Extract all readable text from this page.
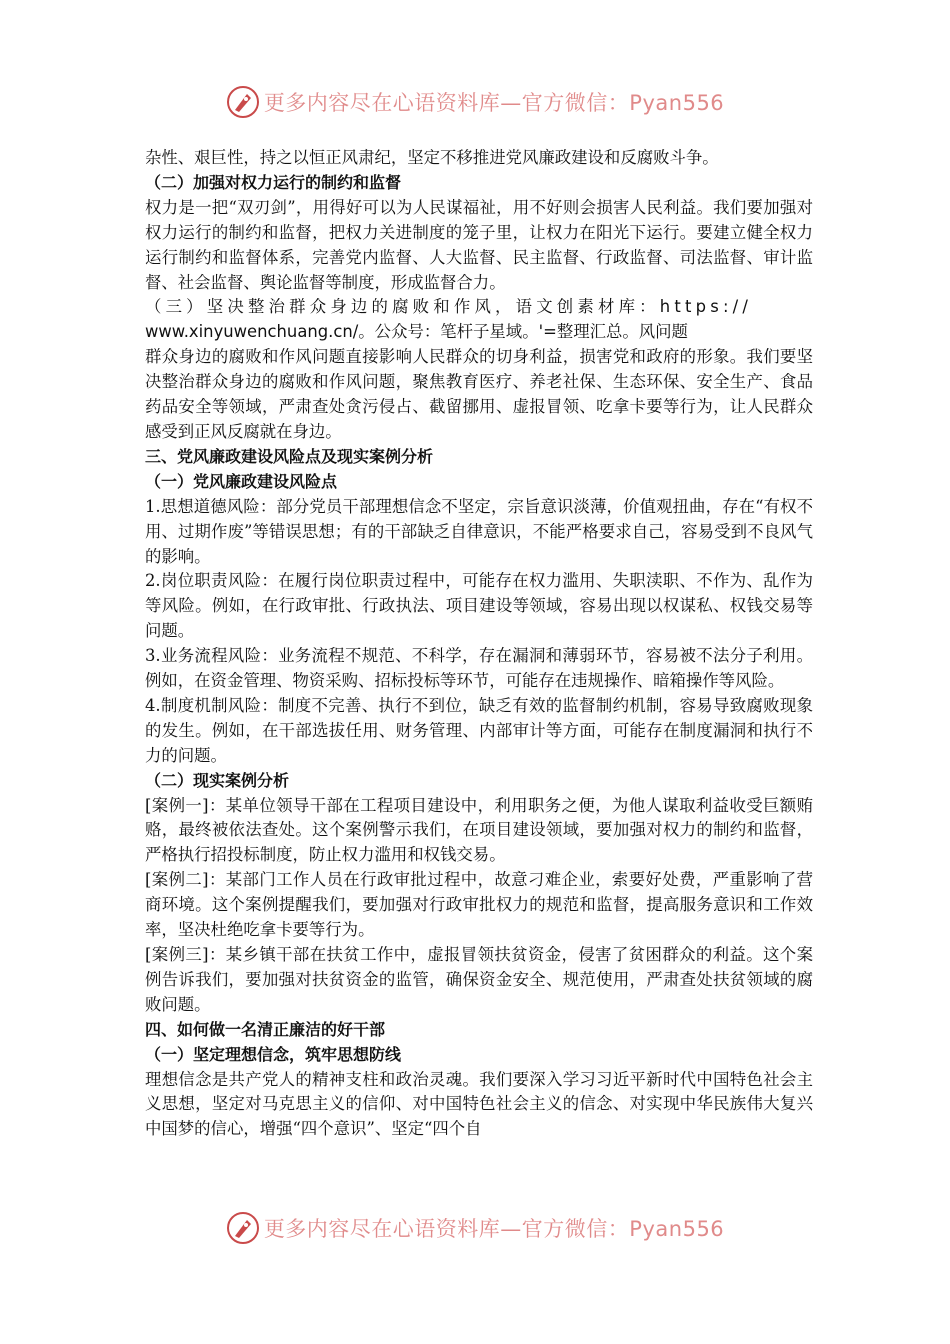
更多内容尽在心语资料库—官方微信：Pyan556

杂性、艰巨性，持之以恒正风肃纪，坚定不移推进党风廉政建设和反腐败斗争。

（二）加强对权力运行的制约和监督

权力是一把“双刃剑”，用得好可以为人民谋福祉，用不好则会损害人民利益。我们要加强对权力运行的制约和监督，把权力关进制度的笼子里，让权力在阳光下运行。要建立健全权力运行制约和监督体系，完善党内监督、人大监督、民主监督、行政监督、司法监督、审计监督、社会监督、舆论监督等制度，形成监督合力。

（三）坚决整治群众身边的腐败和作风，语文创素材库：https://

www.xinyuwenchuang.cn/。公众号：笔杆子星域。'=整理汇总。风问题

群众身边的腐败和作风问题直接影响人民群众的切身利益，损害党和政府的形象。我们要坚决整治群众身边的腐败和作风问题，聚焦教育医疗、养老社保、生态环保、安全生产、食品药品安全等领域，严肃查处贪污侵占、截留挪用、虚报冒领、吃拿卡要等行为，让人民群众感受到正风反腐就在身边。

三、党风廉政建设风险点及现实案例分析

（一）党风廉政建设风险点

1.思想道德风险：部分党员干部理想信念不坚定，宗旨意识淡薄，价值观扭曲，存在“有权不用、过期作废”等错误思想；有的干部缺乏自律意识，不能严格要求自己，容易受到不良风气的影响。

2.岗位职责风险：在履行岗位职责过程中，可能存在权力滥用、失职渎职、不作为、乱作为等风险。例如，在行政审批、行政执法、项目建设等领域，容易出现以权谋私、权钱交易等问题。

3.业务流程风险：业务流程不规范、不科学，存在漏洞和薄弱环节，容易被不法分子利用。例如，在资金管理、物资采购、招标投标等环节，可能存在违规操作、暗箱操作等风险。

4.制度机制风险：制度不完善、执行不到位，缺乏有效的监督制约机制，容易导致腐败现象的发生。例如，在干部选拔任用、财务管理、内部审计等方面，可能存在制度漏洞和执行不力的问题。

（二）现实案例分析

[案例一]：某单位领导干部在工程项目建设中，利用职务之便，为他人谋取利益收受巨额贿赂，最终被依法查处。这个案例警示我们，在项目建设领域，要加强对权力的制约和监督，严格执行招投标制度，防止权力滥用和权钱交易。

[案例二]：某部门工作人员在行政审批过程中，故意刁难企业，索要好处费，严重影响了营商环境。这个案例提醒我们，要加强对行政审批权力的规范和监督，提高服务意识和工作效率，坚决杜绝吃拿卡要等行为。

[案例三]：某乡镇干部在扶贫工作中，虚报冒领扶贫资金，侵害了贫困群众的利益。这个案例告诉我们，要加强对扶贫资金的监管，确保资金安全、规范使用，严肃查处扶贫领域的腐败问题。

四、如何做一名清正廉洁的好干部

（一）坚定理想信念，筑牢思想防线

理想信念是共产党人的精神支柱和政治灵魂。我们要深入学习习近平新时代中国特色社会主义思想，坚定对马克思主义的信仰、对中国特色社会主义的信念、对实现中华民族伟大复兴中国梦的信心，增强“四个意识”、坚定“四个自

更多内容尽在心语资料库—官方微信：Pyan556
